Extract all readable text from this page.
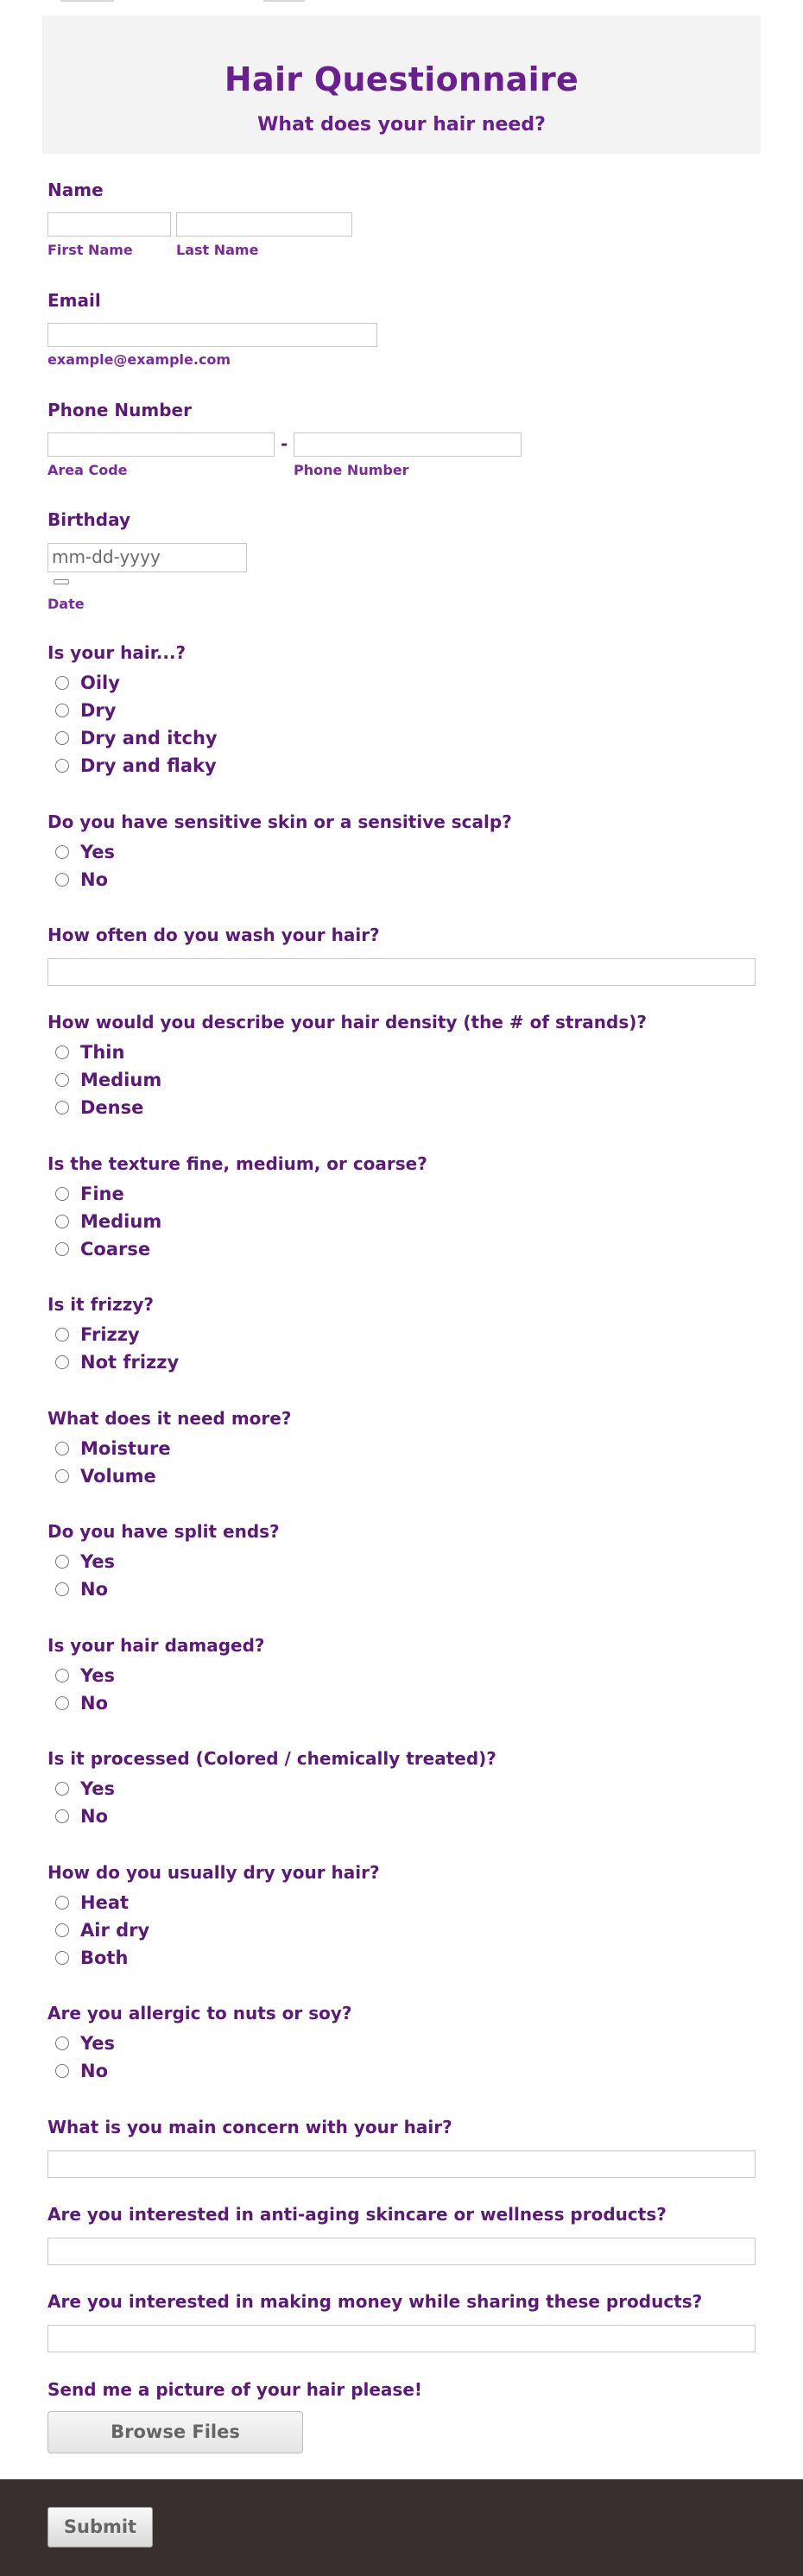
Hair Questionnaire
What does your hair need?
Name
First Name	Last Name
Email
example@example.com
Phone Number
-
Area Code	Phone Number
Birthday
mm-dd-yyyy
Date
Is your hair...?
Oily
Dry
Dry and itchy
Dry and flaky
Do you have sensitive skin or a sensitive scalp?
Yes
No
How often do you wash your hair?
How would you describe your hair density (the # of strands)?
Thin
Medium
Dense
Is the texture fine, medium, or coarse?
Fine
Medium
Coarse
Is it frizzy?
Frizzy
Not frizzy
What does it need more?
Moisture
Volume
Do you have split ends?
Yes
No
Is your hair damaged?
Yes
No
Is it processed (Colored / chemically treated)?
Yes
No
How do you usually dry your hair?
Heat
Air dry
Both
Are you allergic to nuts or soy?
Yes
No
What is you main concern with your hair?
Are you interested in anti-aging skincare or wellness products?
Are you interested in making money while sharing these products?
Send me a picture of your hair please!
Browse Files
Submit
